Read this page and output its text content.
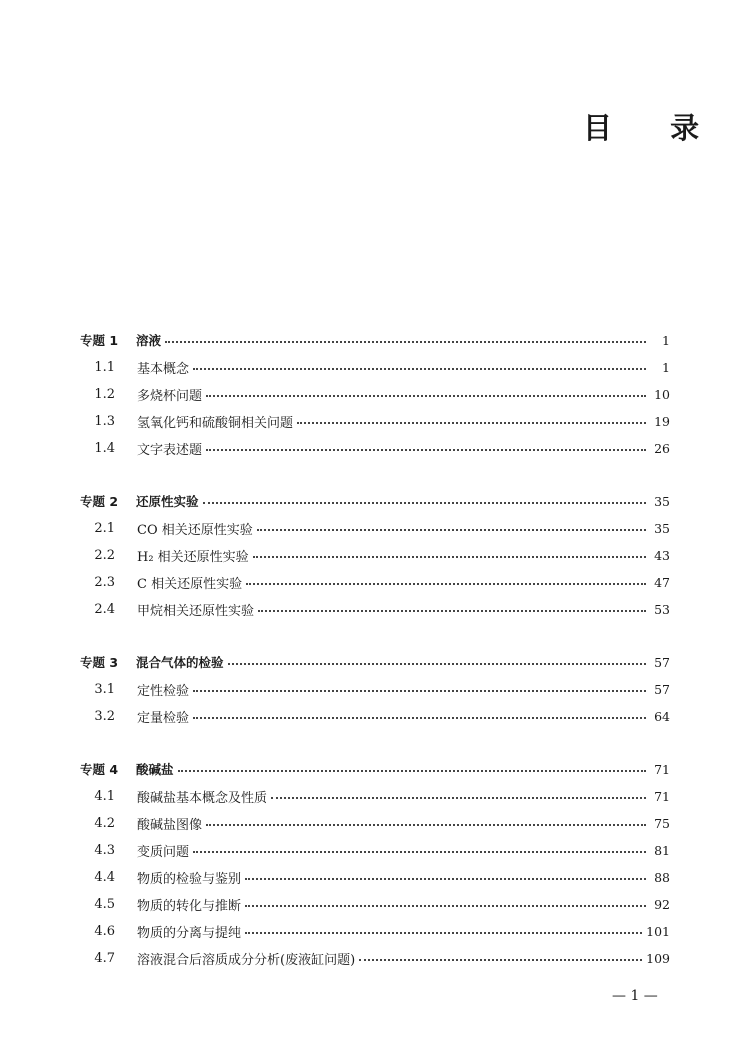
目 录
专题 1	溶液	1
1.1	基本概念	1
1.2	多烧杯问题	10
1.3	氢氧化钙和硫酸铜相关问题	19
1.4	文字表述题	26
专题 2	还原性实验	35
2.1	CO 相关还原性实验	35
2.2	H₂ 相关还原性实验	43
2.3	C 相关还原性实验	47
2.4	甲烷相关还原性实验	53
专题 3	混合气体的检验	57
3.1	定性检验	57
3.2	定量检验	64
专题 4	酸碱盐	71
4.1	酸碱盐基本概念及性质	71
4.2	酸碱盐图像	75
4.3	变质问题	81
4.4	物质的检验与鉴别	88
4.5	物质的转化与推断	92
4.6	物质的分离与提纯	101
4.7	溶液混合后溶质成分分析(废液缸问题)	109
— 1 —
